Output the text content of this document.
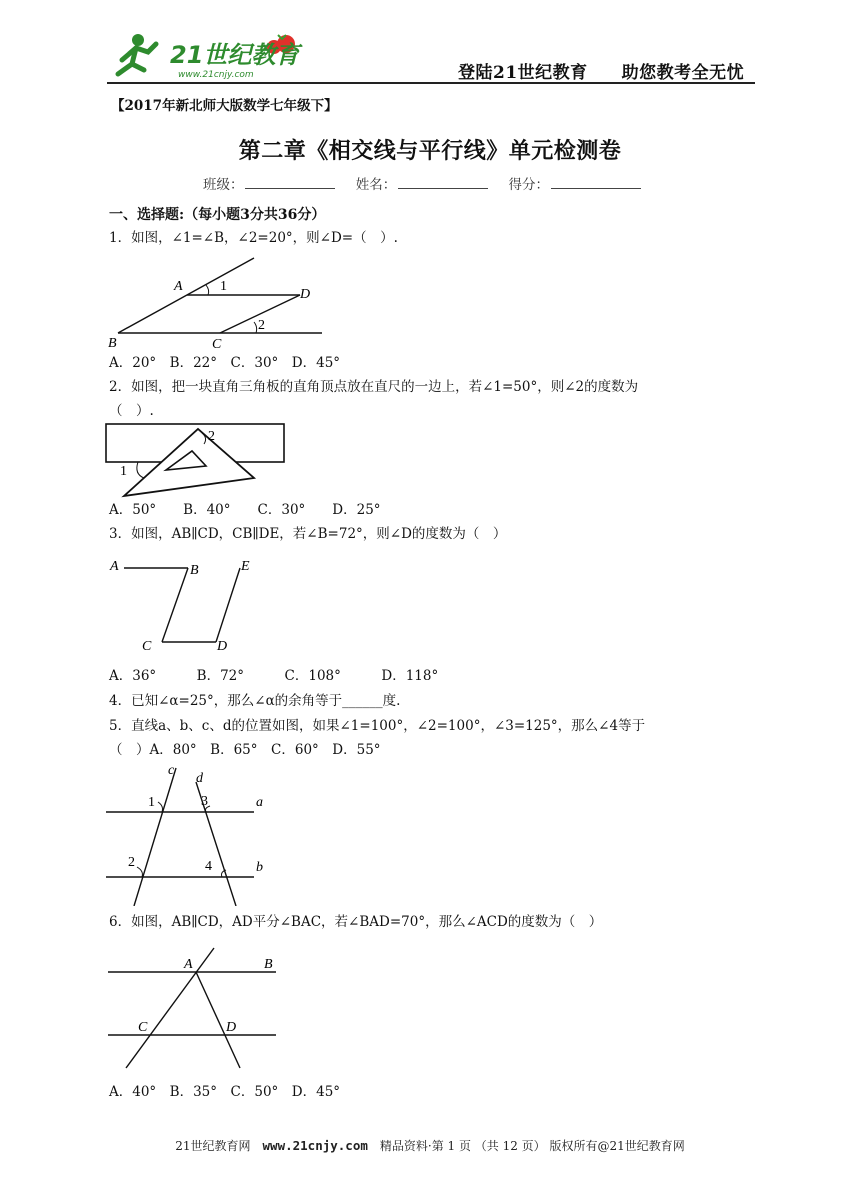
21世纪教育
www.21cnjy.com	登陆21世纪教育 助您教考全无忧
【2017年新北师大版数学七年级下】
第二章《相交线与平行线》单元检测卷
班级：	姓名：	得分：
一、选择题:（每小题3分共36分）
1．如图，∠1=∠B，∠2=20°，则∠D=（　）.
A
B	C
D
1
2
A．20°　B．22°　C．30°　D．45°
2．如图，把一块直角三角板的直角顶点放在直尺的一边上，若∠1=50°，则∠2的度数为
（　）.
2
1
A．50°　　B．40°　　C．30°　　D．25°
3．如图，AB∥CD，CB∥DE，若∠B=72°，则∠D的度数为（　）
A	B
C	D
E
A．36°　　　B．72°　　　C．108°　　　D．118°
4．已知∠α=25°，那么∠α的余角等于______度.
5．直线a、b、c、d的位置如图，如果∠1=100°，∠2=100°，∠3=125°，那么∠4等于
（　）A．80°　B．65°　C．60°　D．55°
c
d
a
b
1
2
3
4
6．如图，AB∥CD，AD平分∠BAC，若∠BAD=70°，那么∠ACD的度数为（　）
A	B
C	D
A．40°　B．35°　C．50°　D．45°
21世纪教育网 www.21cnjy.com 精品资料·第 1 页 （共 12 页） 版权所有@21世纪教育网
